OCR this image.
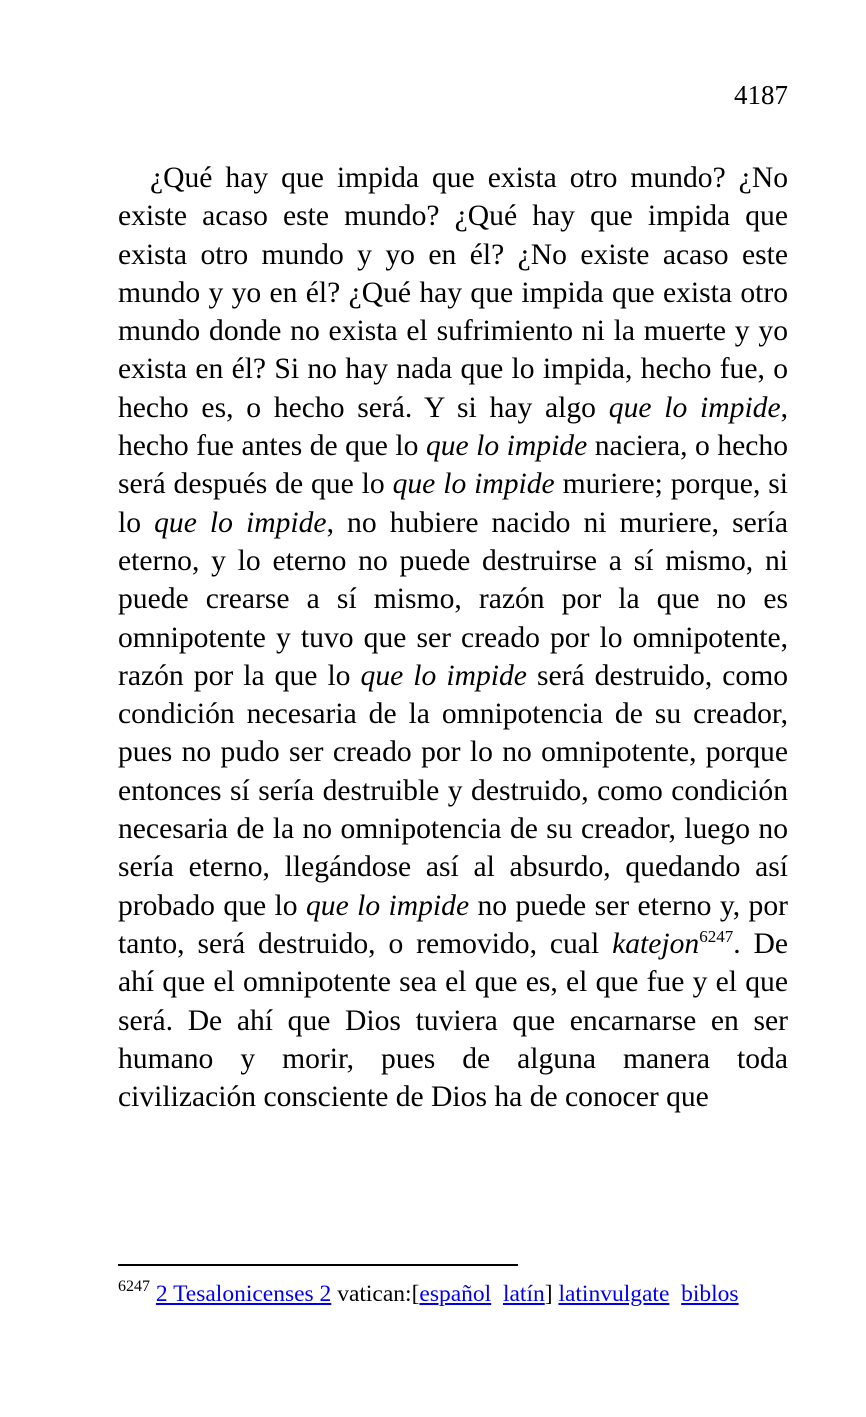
4187

¿Qué hay que impida que exista otro mundo? ¿No existe acaso este mundo? ¿Qué hay que impida que exista otro mundo y yo en él? ¿No existe acaso este mundo y yo en él? ¿Qué hay que impida que exista otro mundo donde no exista el sufrimiento ni la muerte y yo exista en él? Si no hay nada que lo impida, hecho fue, o hecho es, o hecho será. Y si hay algo que lo impide, hecho fue antes de que lo que lo impide naciera, o hecho será después de que lo que lo impide muriere; porque, si lo que lo impide, no hubiere nacido ni muriere, sería eterno, y lo eterno no puede destruirse a sí mismo, ni puede crearse a sí mismo, razón por la que no es omnipotente y tuvo que ser creado por lo omnipotente, razón por la que lo que lo impide será destruido, como condición necesaria de la omnipotencia de su creador, pues no pudo ser creado por lo no omnipotente, porque entonces sí sería destruible y destruido, como condición necesaria de la no omnipotencia de su creador, luego no sería eterno, llegándose así al absurdo, quedando así probado que lo que lo impide no puede ser eterno y, por tanto, será destruido, o removido, cual katejon$^{6247}$. De ahí que el omnipotente sea el que es, el que fue y el que será. De ahí que Dios tuviera que encarnarse en ser humano y morir, pues de alguna manera toda civilización consciente de Dios ha de conocer que

$^{6247}$ 2 Tesalonicenses 2 vatican:[español latín] latinvulgate biblos
